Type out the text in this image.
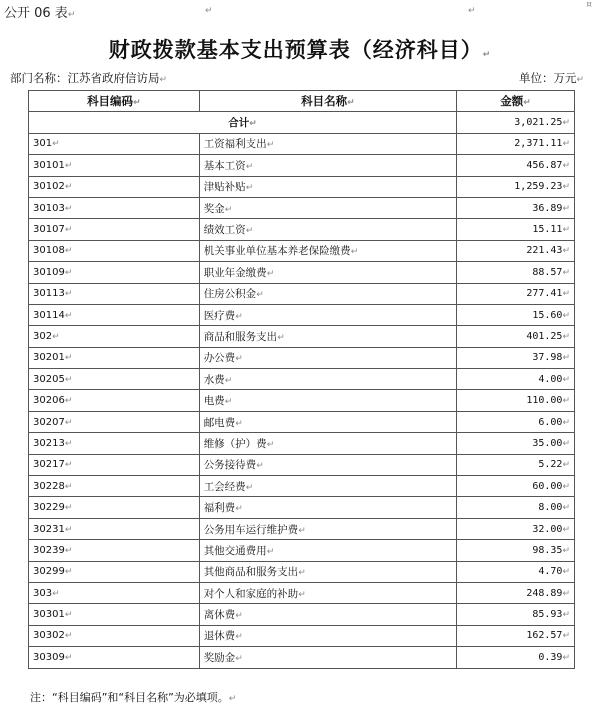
公开 06 表↵	↵	↵
¤
财政拨款基本支出预算表（经济科目）↵
部门名称：江苏省政府信访局↵	单位：万元↵
科目编码↵	科目名称↵	金额↵
合计↵		3,021.25↵
301↵	工资福利支出↵	2,371.11↵
30101↵	基本工资↵	456.87↵
30102↵	津贴补贴↵	1,259.23↵
30103↵	奖金↵	36.89↵
30107↵	绩效工资↵	15.11↵
30108↵	机关事业单位基本养老保险缴费↵	221.43↵
30109↵	职业年金缴费↵	88.57↵
30113↵	住房公积金↵	277.41↵
30114↵	医疗费↵	15.60↵
302↵	商品和服务支出↵	401.25↵
30201↵	办公费↵	37.98↵
30205↵	水费↵	4.00↵
30206↵	电费↵	110.00↵
30207↵	邮电费↵	6.00↵
30213↵	维修（护）费↵	35.00↵
30217↵	公务接待费↵	5.22↵
30228↵	工会经费↵	60.00↵
30229↵	福利费↵	8.00↵
30231↵	公务用车运行维护费↵	32.00↵
30239↵	其他交通费用↵	98.35↵
30299↵	其他商品和服务支出↵	4.70↵
303↵	对个人和家庭的补助↵	248.89↵
30301↵	离休费↵	85.93↵
30302↵	退休费↵	162.57↵
30309↵	奖励金↵	0.39↵
注：“科目编码”和“科目名称”为必填项。↵
